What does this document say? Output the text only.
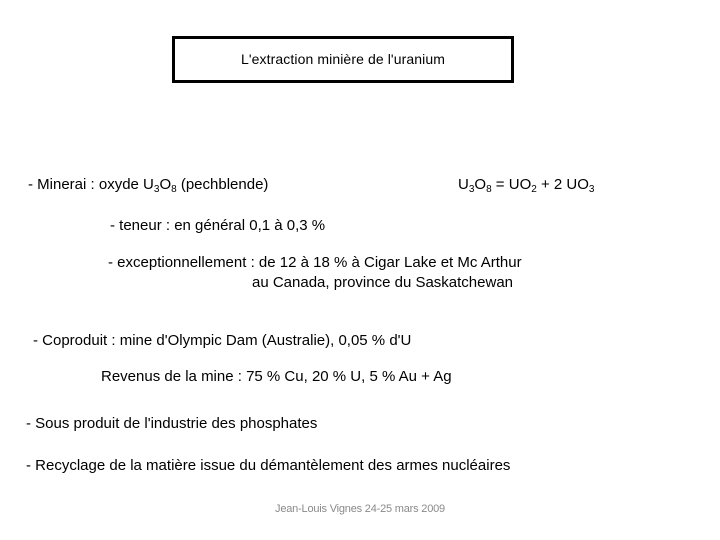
L'extraction minière de l'uranium
- Minerai : oxyde $U_3O_8$ (pechblende)	$U_3O_8 = UO_2 + 2$ $UO_3$
- teneur : en général 0,1 à 0,3 %
- exceptionnellement : de 12 à 18 % à Cigar Lake et Mc Arthur
au Canada, province du Saskatchewan
- Coproduit : mine d'Olympic Dam (Australie), 0,05 % d'U
Revenus de la mine : 75 % Cu, 20 % U, 5 % Au + Ag
- Sous produit de l'industrie des phosphates
- Recyclage de la matière issue du démantèlement des armes nucléaires
Jean-Louis Vignes 24-25 mars 2009
